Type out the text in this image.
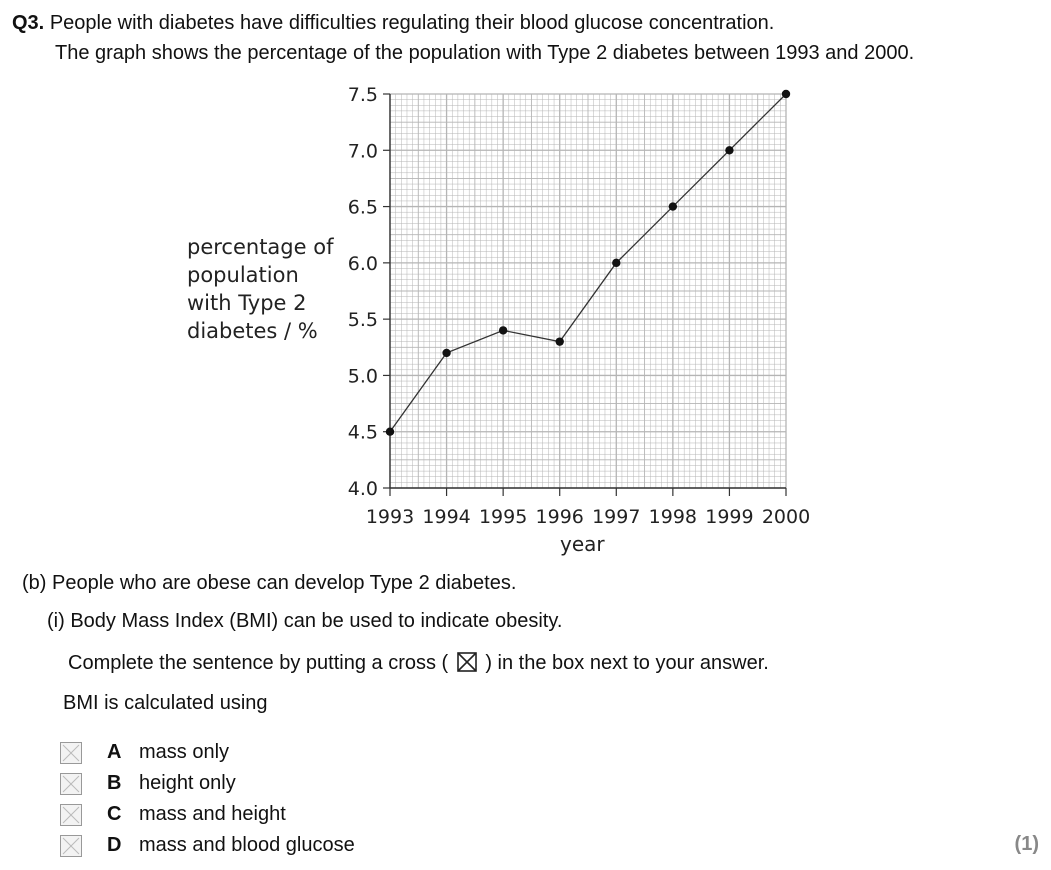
Q3. People with diabetes have difficulties regulating their blood glucose concentration.
The graph shows the percentage of the population with Type 2 diabetes between 1993 and 2000.
percentage of
population
with Type 2
diabetes / %
4.0
4.5
5.0
5.5
6.0
6.5
7.0
7.5
1993 1994 1995 1996 1997 1998 1999 2000
year
(b) People who are obese can develop Type 2 diabetes.
(i) Body Mass Index (BMI) can be used to indicate obesity.
Complete the sentence by putting a cross ( ☒ ) in the box next to your answer.
BMI is calculated using
A mass only
B height only
C mass and height
D mass and blood glucose	(1)
